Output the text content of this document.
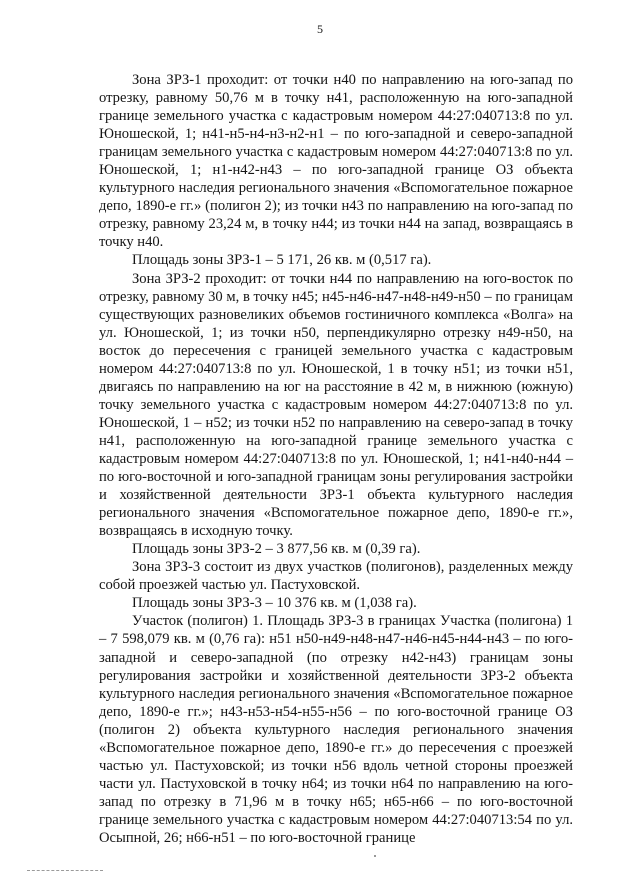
5

Зона ЗРЗ-1 проходит: от точки н40 по направлению на юго-запад по отрезку, равному 50,76 м в точку н41, расположенную на юго-западной границе земельного участка с кадастровым номером 44:27:040713:8 по ул. Юношеской, 1; н41-н5-н4-н3-н2-н1 – по юго-западной и северо-западной границам земельного участка с кадастровым номером 44:27:040713:8 по ул. Юношеской, 1; н1-н42-н43 – по юго-западной границе ОЗ объекта культурного наследия регионального значения «Вспомогательное пожарное депо, 1890-е гг.» (полигон 2); из точки н43 по направлению на юго-запад по отрезку, равному 23,24 м, в точку н44; из точки н44 на запад, возвращаясь в точку н40.

Площадь зоны ЗРЗ-1 – 5 171, 26 кв. м (0,517 га).

Зона ЗРЗ-2 проходит: от точки н44 по направлению на юго-восток по отрезку, равному 30 м, в точку н45; н45-н46-н47-н48-н49-н50 – по границам существующих разновеликих объемов гостиничного комплекса «Волга» на ул. Юношеской, 1; из точки н50, перпендикулярно отрезку н49-н50, на восток до пересечения с границей земельного участка с кадастровым номером 44:27:040713:8 по ул. Юношеской, 1 в точку н51; из точки н51, двигаясь по направлению на юг на расстояние в 42 м, в нижнюю (южную) точку земельного участка с кадастровым номером 44:27:040713:8 по ул. Юношеской, 1 – н52; из точки н52 по направлению на северо-запад в точку н41, расположенную на юго-западной границе земельного участка с кадастровым номером 44:27:040713:8 по ул. Юношеской, 1; н41-н40-н44 – по юго-восточной и юго-западной границам зоны регулирования застройки и хозяйственной деятельности ЗРЗ-1 объекта культурного наследия регионального значения «Вспомогательное пожарное депо, 1890-е гг.», возвращаясь в исходную точку.

Площадь зоны ЗРЗ-2 – 3 877,56 кв. м (0,39 га).

Зона ЗРЗ-3 состоит из двух участков (полигонов), разделенных между собой проезжей частью ул. Пастуховской.

Площадь зоны ЗРЗ-3 – 10 376 кв. м (1,038 га).

Участок (полигон) 1. Площадь ЗРЗ-3 в границах Участка (полигона) 1 – 7 598,079 кв. м (0,76 га): н51 н50-н49-н48-н47-н46-н45-н44-н43 – по юго-западной и северо-западной (по отрезку н42-н43) границам зоны регулирования застройки и хозяйственной деятельности ЗРЗ-2 объекта культурного наследия регионального значения «Вспомогательное пожарное депо, 1890-е гг.»; н43-н53-н54-н55-н56 – по юго-восточной границе ОЗ (полигон 2) объекта культурного наследия регионального значения «Вспомогательное пожарное депо, 1890-е гг.» до пересечения с проезжей частью ул. Пастуховской; из точки н56 вдоль четной стороны проезжей части ул. Пастуховской в точку н64; из точки н64 по направлению на юго-запад по отрезку в 71,96 м в точку н65; н65-н66 – по юго-восточной границе земельного участка с кадастровым номером 44:27:040713:54 по ул. Осыпной, 26; н66-н51 – по юго-восточной границе
